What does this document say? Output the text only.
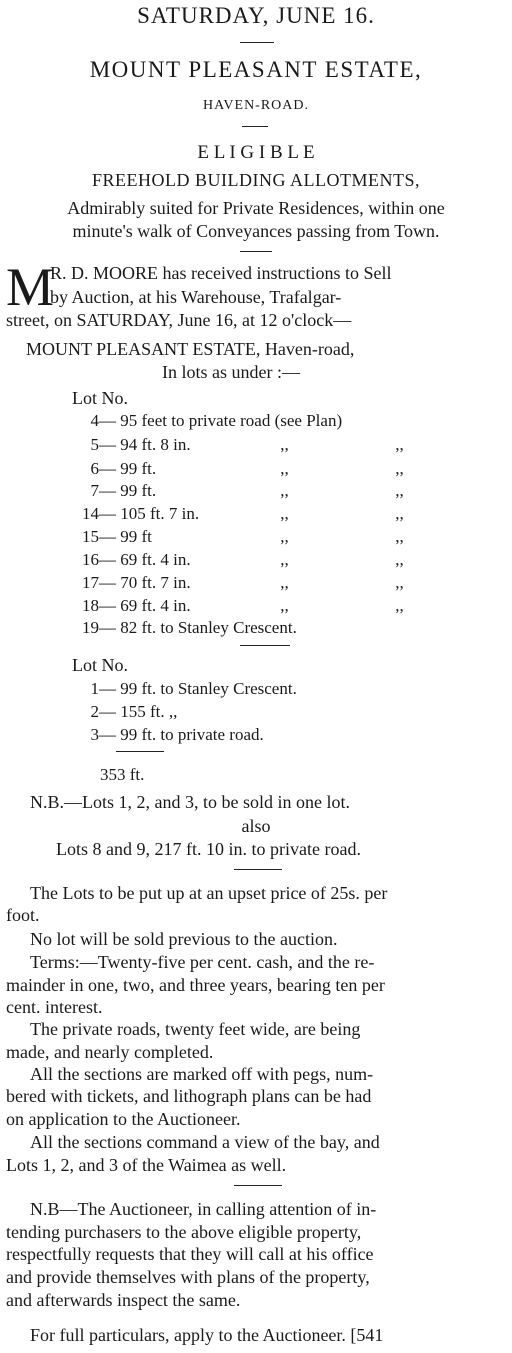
SATURDAY, JUNE 16.
MOUNT PLEASANT ESTATE,
HAVEN-ROAD.
E L I G I B L E
FREEHOLD BUILDING ALLOTMENTS,
Admirably suited for Private Residences, within one
minute's walk of Conveyances passing from Town.
M
R. D. MOORE has received instructions to Sell
by Auction, at his Warehouse, Trafalgar-
street, on SATURDAY, June 16, at 12 o'clock—
MOUNT PLEASANT ESTATE, Haven-road,
In lots as under :—
Lot No.
4— 95 feet to private road (see Plan)
5— 94 ft. 8 in.	,,	,,
6— 99 ft.	,,	,,
7— 99 ft.	,,	,,
14— 105 ft. 7 in.	,,	,,
15— 99 ft	,,	,,
16— 69 ft. 4 in.	,,	,,
17— 70 ft. 7 in.	,,	,,
18— 69 ft. 4 in.	,,	,,
19— 82 ft. to Stanley Crescent.
Lot No.
1— 99 ft. to Stanley Crescent.
2— 155 ft. ,,
3— 99 ft. to private road.
353 ft.
N.B.—Lots 1, 2, and 3, to be sold in one lot.
also
Lots 8 and 9, 217 ft. 10 in. to private road.
The Lots to be put up at an upset price of 25s. per
foot.
No lot will be sold previous to the auction.
Terms:—Twenty-five per cent. cash, and the re-
mainder in one, two, and three years, bearing ten per
cent. interest.
The private roads, twenty feet wide, are being
made, and nearly completed.
All the sections are marked off with pegs, num-
bered with tickets, and lithograph plans can be had
on application to the Auctioneer.
All the sections command a view of the bay, and
Lots 1, 2, and 3 of the Waimea as well.
N.B—The Auctioneer, in calling attention of in-
tending purchasers to the above eligible property,
respectfully requests that they will call at his office
and provide themselves with plans of the property,
and afterwards inspect the same.
For full particulars, apply to the Auctioneer. [541
